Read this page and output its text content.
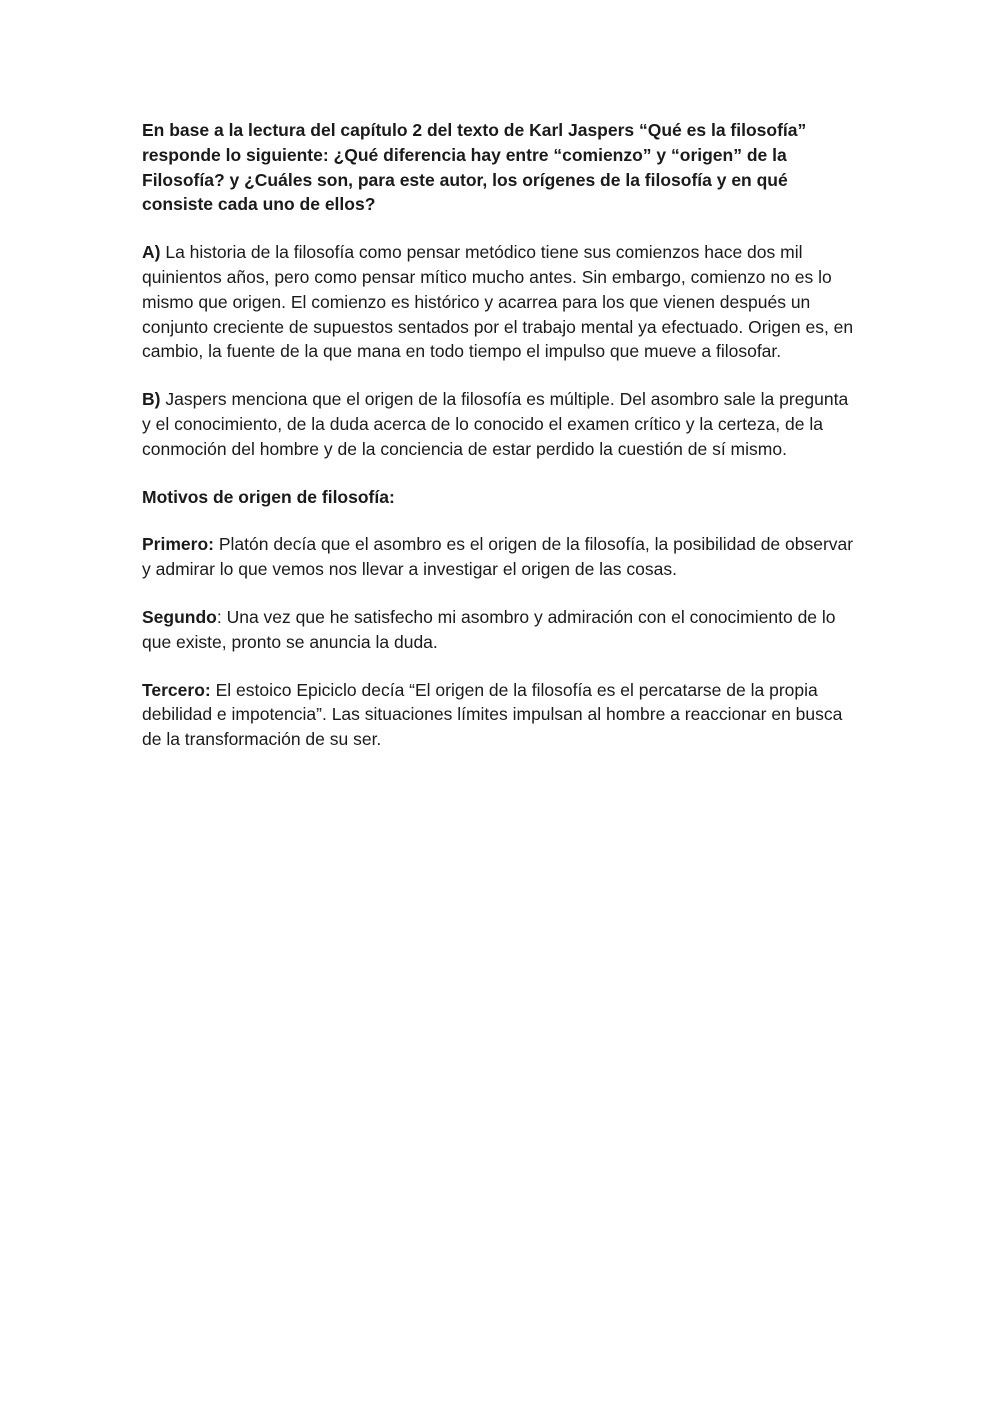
En base a la lectura del capítulo 2 del texto de Karl Jaspers “Qué es la filosofía” responde lo siguiente: ¿Qué diferencia hay entre “comienzo” y “origen” de la Filosofía? y ¿Cuáles son, para este autor, los orígenes de la filosofía y en qué consiste cada uno de ellos?

A) La historia de la filosofía como pensar metódico tiene sus comienzos hace dos mil quinientos años, pero como pensar mítico mucho antes. Sin embargo, comienzo no es lo mismo que origen. El comienzo es histórico y acarrea para los que vienen después un conjunto creciente de supuestos sentados por el trabajo mental ya efectuado. Origen es, en cambio, la fuente de la que mana en todo tiempo el impulso que mueve a filosofar.

B) Jaspers menciona que el origen de la filosofía es múltiple. Del asombro sale la pregunta y el conocimiento, de la duda acerca de lo conocido el examen crítico y la certeza, de la conmoción del hombre y de la conciencia de estar perdido la cuestión de sí mismo.

Motivos de origen de filosofía:

Primero: Platón decía que el asombro es el origen de la filosofía, la posibilidad de observar y admirar lo que vemos nos llevar a investigar el origen de las cosas.

Segundo: Una vez que he satisfecho mi asombro y admiración con el conocimiento de lo que existe, pronto se anuncia la duda.

Tercero: El estoico Epiciclo decía “El origen de la filosofía es el percatarse de la propia debilidad e impotencia”. Las situaciones límites impulsan al hombre a reaccionar en busca de la transformación de su ser.
